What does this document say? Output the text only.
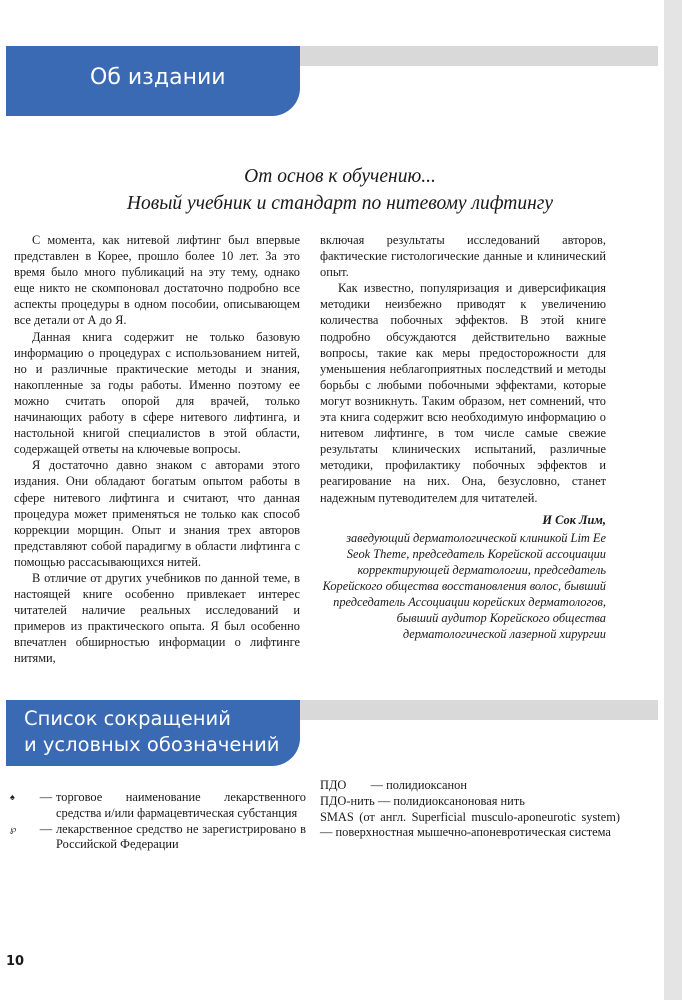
Об издании
От основ к обучению...
Новый учебник и стандарт по нитевому лифтингу

С момента, как нитевой лифтинг был впервые представлен в Корее, прошло более 10 лет. За это время было много публикаций на эту тему, однако еще никто не скомпоновал достаточно подробно все аспекты процедуры в одном пособии, описывающем все детали от А до Я.

Данная книга содержит не только базовую информацию о процедурах с использованием нитей, но и различные практические методы и знания, накопленные за годы работы. Именно поэтому ее можно считать опорой для врачей, только начинающих работу в сфере нитевого лифтинга, и настольной книгой специалистов в этой области, содержащей ответы на ключевые вопросы.

Я достаточно давно знаком с авторами этого издания. Они обладают богатым опытом работы в сфере нитевого лифтинга и считают, что данная процедура может применяться не только как способ коррекции морщин. Опыт и знания трех авторов представляют собой парадигму в области лифтинга с помощью рассасывающихся нитей.

В отличие от других учебников по данной теме, в настоящей книге особенно привлекает интерес читателей наличие реальных исследований и примеров из практического опыта. Я был особенно впечатлен обширностью информации о лифтинге нитями,

включая результаты исследований авторов, фактические гистологические данные и клинический опыт.

Как известно, популяризация и диверсификация методики неизбежно приводят к увеличению количества побочных эффектов. В этой книге подробно обсуждаются действительно важные вопросы, такие как меры предосторожности для уменьшения неблагоприятных последствий и методы борьбы с любыми побочными эффектами, которые могут возникнуть. Таким образом, нет сомнений, что эта книга содержит всю необходимую информацию о нитевом лифтинге, в том числе самые свежие результаты клинических испытаний, различные методики, профилактику побочных эффектов и реагирование на них. Она, безусловно, станет надежным путеводителем для читателей.

И Сок Лим,
заведующий дерматологической клиникой Lim Ee Seok Theme, председатель Корейской ассоциации корректирующей дерматологии, председатель Корейского общества восстановления волос, бывший председатель Ассоциации корейских дерматологов, бывший аудитор Корейского общества дерматологической лазерной хирургии
Список сокращений
и условных обозначений
♠	— торговое наименование лекарственного средства и/или фармацевтическая субстанция
℘	— лекарственное средство не зарегистрировано в Российской Федерации
ПДО — полидиоксанон
ПДО-нить — полидиоксаноновая нить
SMAS (от англ. Superficial musculo-aponeurotic system) — поверхностная мышечно-апоневротическая система
10
